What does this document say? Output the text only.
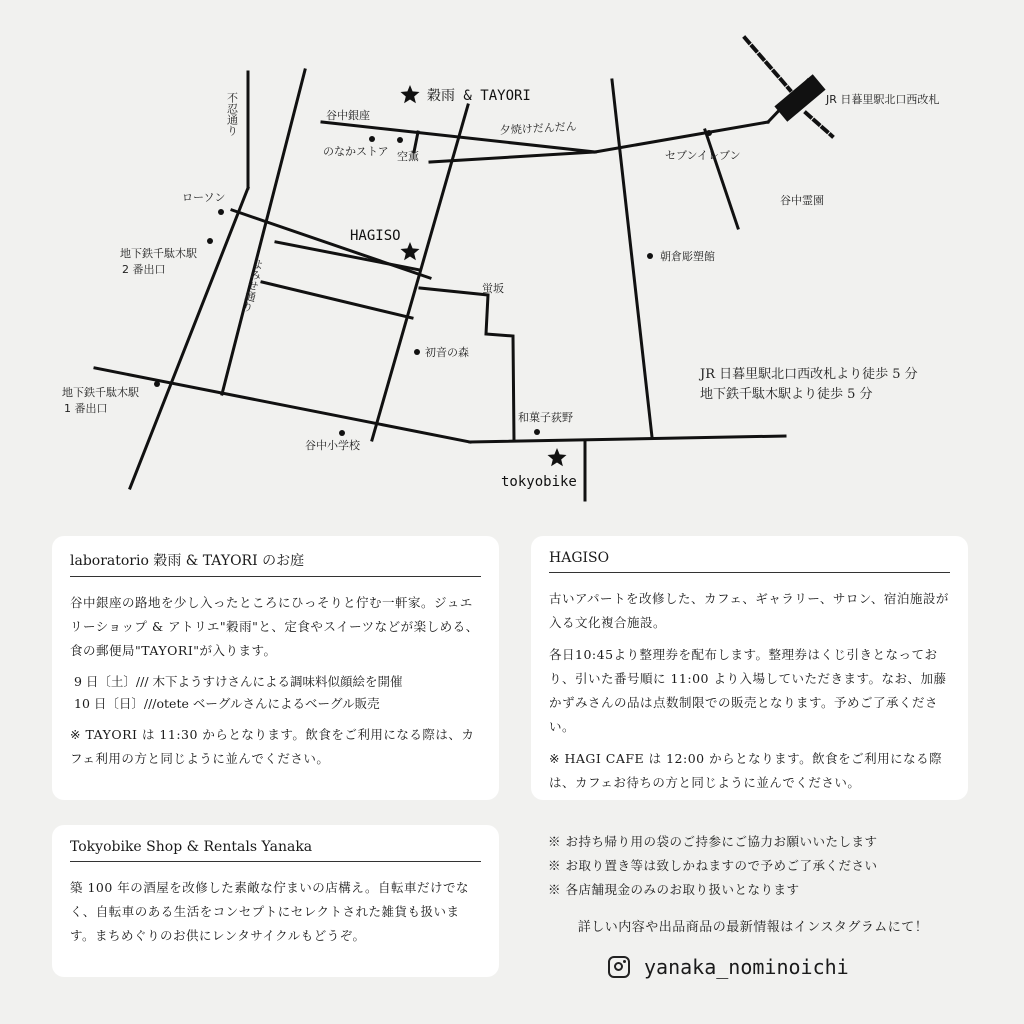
谷中銀座
夕焼けだんだん
蛍坂
不忍通り
よみせ通り
のなかストア 空薫
ローソン
地下鉄千駄木駅 2 番出口
地下鉄千駄木駅 1 番出口
セブンイレブン
谷中霊園
朝倉彫塑館
初音の森
和菓子荻野
谷中小学校
JR 日暮里駅北口西改札
穀雨 & TAYORI
HAGISO
tokyobike
JR 日暮里駅北口西改札より徒歩 5 分
地下鉄千駄木駅より徒歩 5 分
laboratorio 穀雨 & TAYORI のお庭

谷中銀座の路地を少し入ったところにひっそりと佇む一軒家。ジュエリーショップ & アトリエ"穀雨"と、定食やスイーツなどが楽しめる、食の郵便局"TAYORI"が入ります。

9 日〔土〕/// 木下ようすけさんによる調味料似顔絵を開催
10 日〔日〕///otete ベーグルさんによるベーグル販売

※ TAYORI は 11:30 からとなります。飲食をご利用になる際は、カフェ利用の方と同じように並んでください。

HAGISO

古いアパートを改修した、カフェ、ギャラリー、サロン、宿泊施設が入る文化複合施設。

各日10:45より整理券を配布します。整理券はくじ引きとなっており、引いた番号順に 11:00 より入場していただきます。なお、加藤かずみさんの品は点数制限での販売となります。予めご了承ください。

※ HAGI CAFE は 12:00 からとなります。飲食をご利用になる際は、カフェお待ちの方と同じように並んでください。

Tokyobike Shop & Rentals Yanaka

築 100 年の酒屋を改修した素敵な佇まいの店構え。自転車だけでなく、自転車のある生活をコンセプトにセレクトされた雑貨も扱います。まちめぐりのお供にレンタサイクルもどうぞ。

※ お持ち帰り用の袋のご持参にご協力お願いいたします
※ お取り置き等は致しかねますので予めご了承ください
※ 各店舗現金のみのお取り扱いとなります
詳しい内容や出品商品の最新情報はインスタグラムにて！
yanaka_nominoichi
